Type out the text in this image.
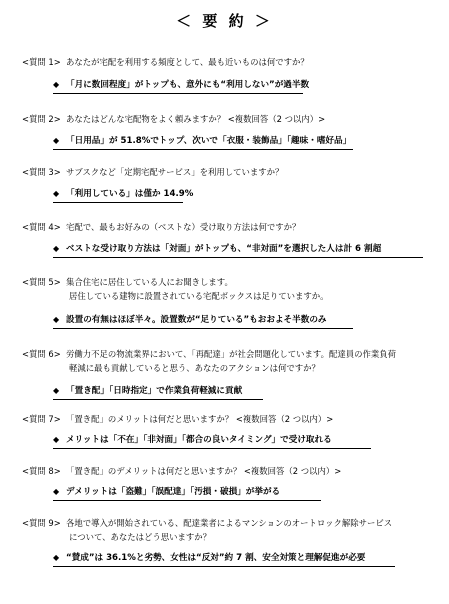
＜ 要 約 ＞
<質問 1> あなたが宅配を利用する頻度として、最も近いものは何ですか？
◆ 「月に数回程度」がトップも、意外にも“利用しない”が過半数
<質問 2> あなたはどんな宅配物をよく頼みますか？ <複数回答（2 つ以内）>
◆ 「日用品」が 51.8%でトップ、次いで「衣服・装飾品」「趣味・嗜好品」
<質問 3> サブスクなど「定期宅配サービス」を利用していますか？
◆ 「利用している」は僅か 14.9%
<質問 4> 宅配で、最もお好みの（ベストな）受け取り方法は何ですか？
◆ ベストな受け取り方法は「対面」がトップも、“非対面”を選択した人は計 6 割超
<質問 5> 集合住宅に居住している人にお聞きします。
居住している建物に設置されている宅配ボックスは足りていますか。
◆ 設置の有無はほぼ半々。設置数が“足りている”もおおよそ半数のみ
<質問 6> 労働力不足の物流業界において、「再配達」が社会問題化しています。配達員の作業負荷
軽減に最も貢献していると思う、あなたのアクションは何ですか？
◆ 「置き配」「日時指定」で作業負荷軽減に貢献
<質問 7> 「置き配」のメリットは何だと思いますか？ <複数回答（2 つ以内）>
◆ メリットは「不在」「非対面」「都合の良いタイミング」で受け取れる
<質問 8> 「置き配」のデメリットは何だと思いますか？ <複数回答（2 つ以内）>
◆ デメリットは「盗難」「誤配達」「汚損・破損」が挙がる
<質問 9> 各地で導入が開始されている、配達業者によるマンションのオートロック解除サービス
について、あなたはどう思いますか？
◆ “賛成”は 36.1%と劣勢、女性は“反対”約 7 割、安全対策と理解促進が必要
